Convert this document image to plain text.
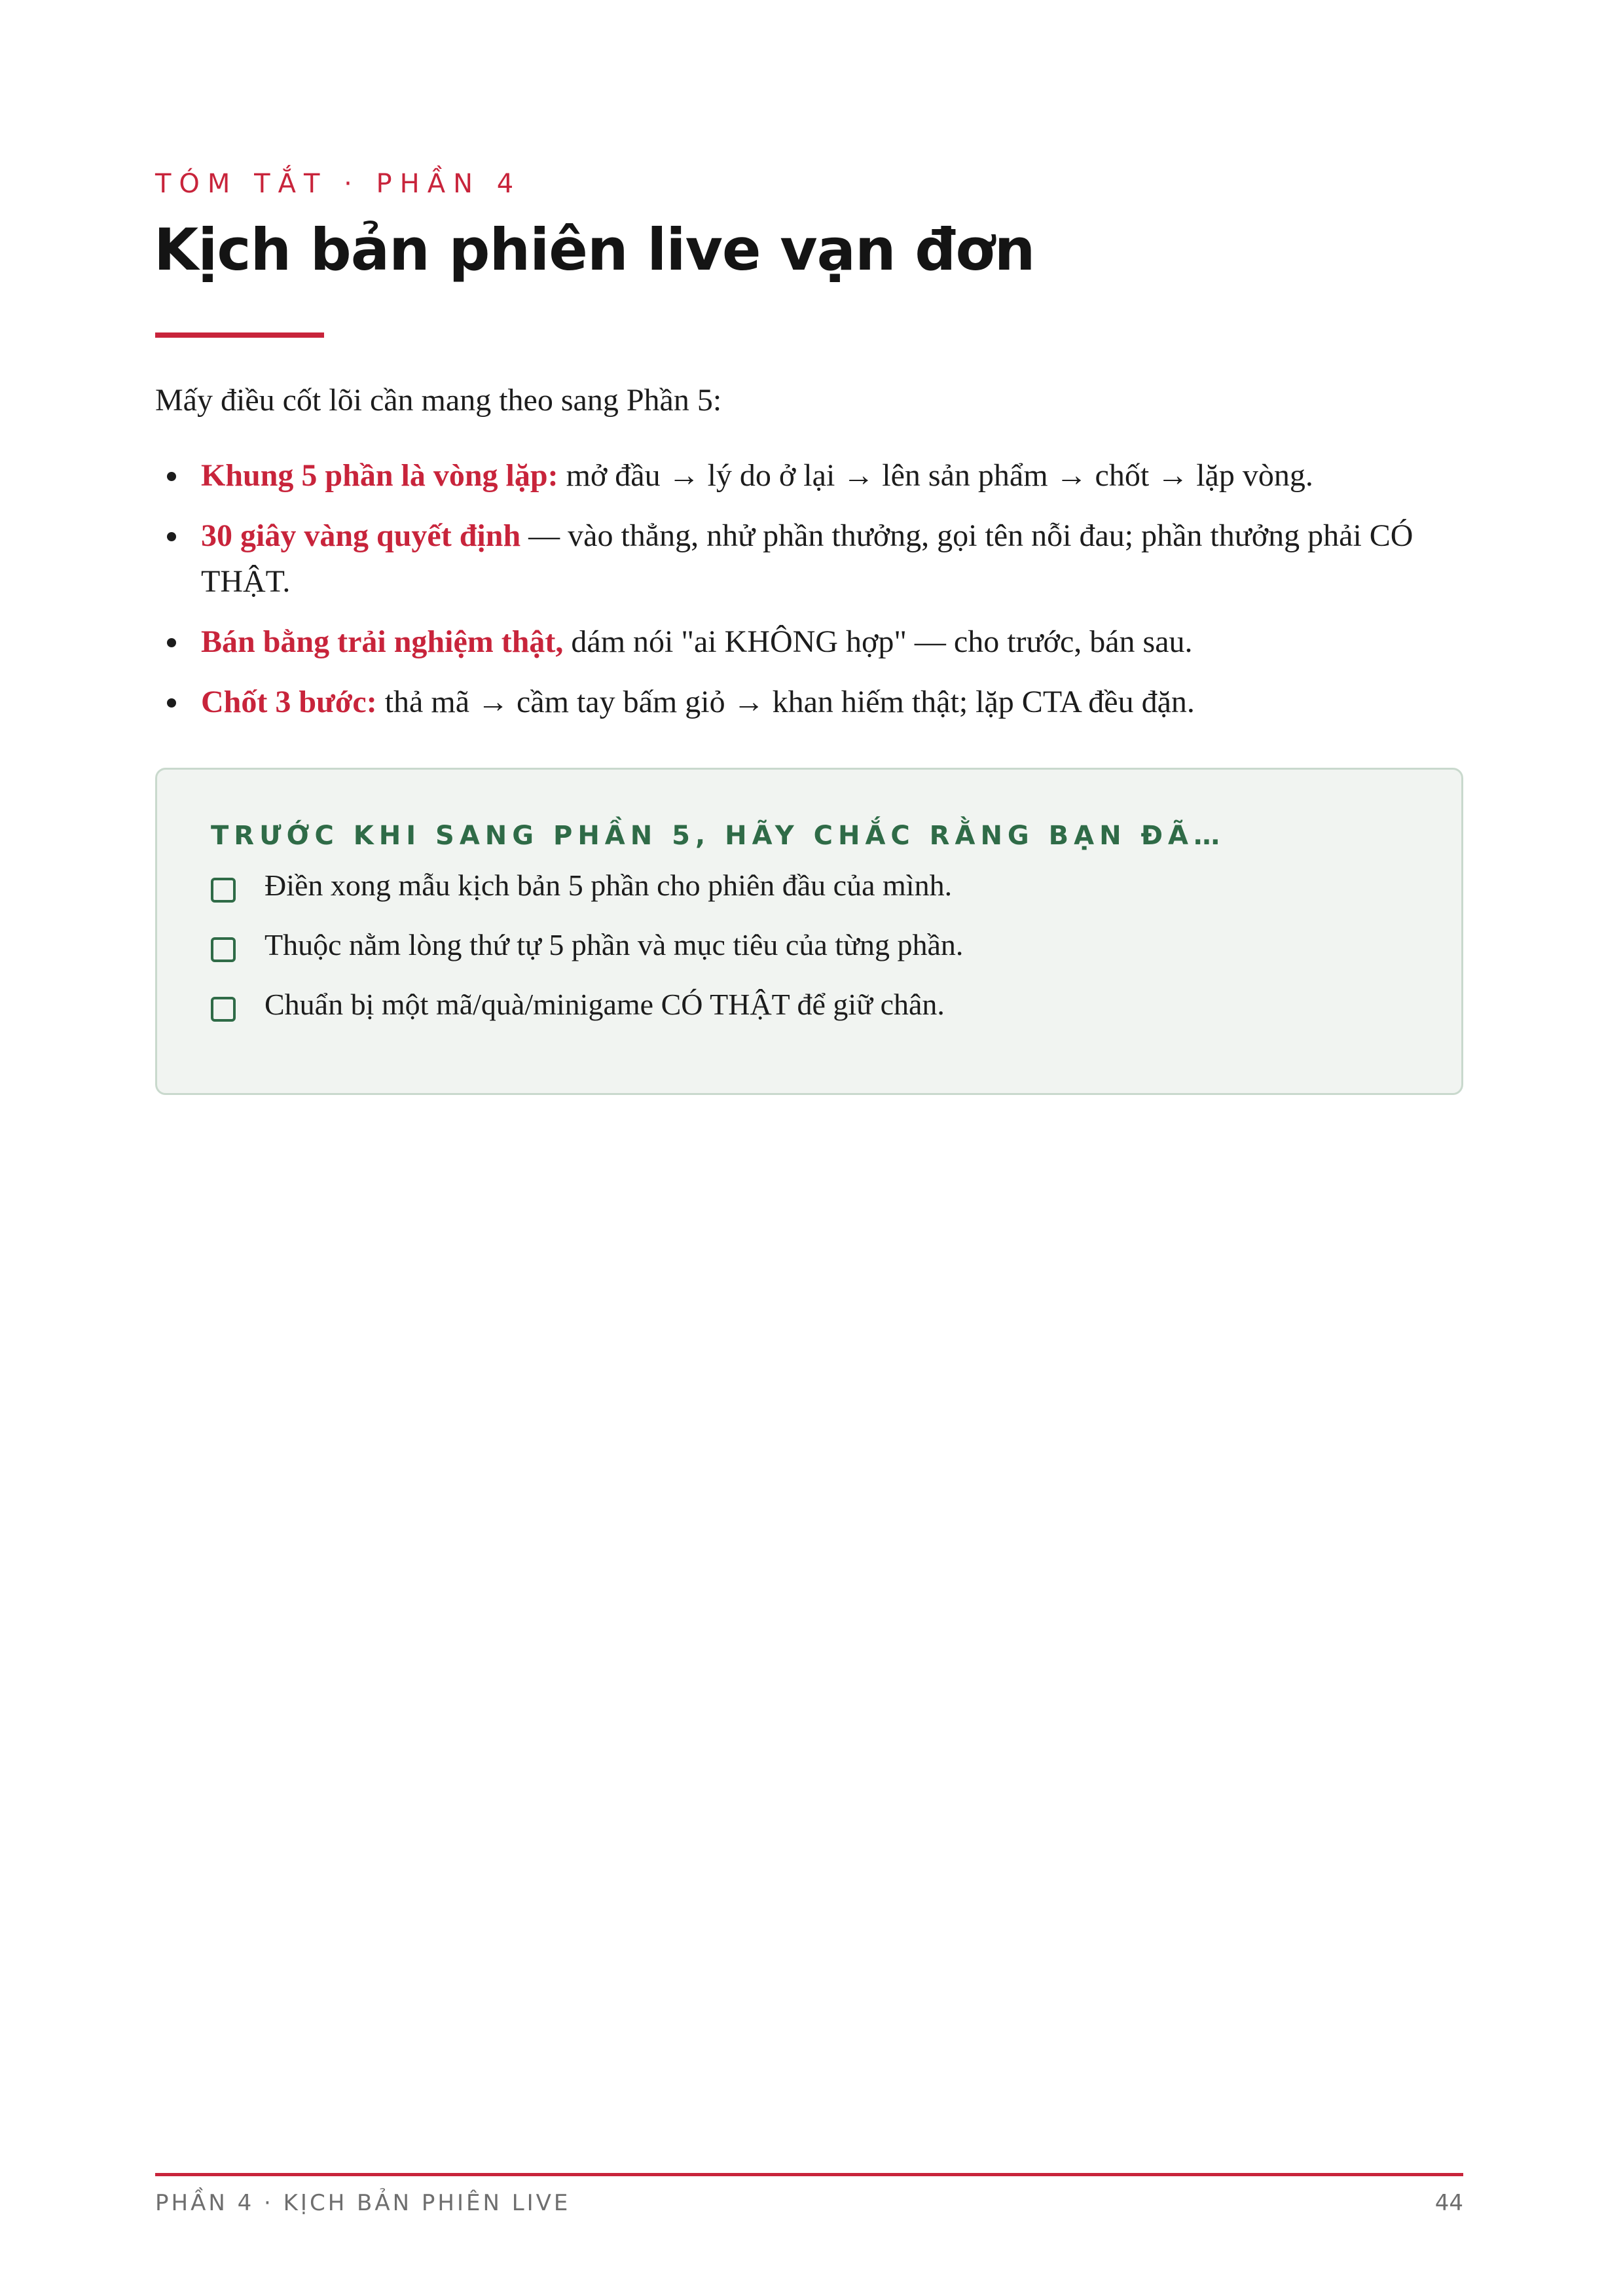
TÓM TẮT · PHẦN 4
Kịch bản phiên live vạn đơn
Mấy điều cốt lõi cần mang theo sang Phần 5:
Khung 5 phần là vòng lặp: mở đầu → lý do ở lại → lên sản phẩm → chốt → lặp vòng.
30 giây vàng quyết định — vào thẳng, nhử phần thưởng, gọi tên nỗi đau; phần thưởng phải CÓ THẬT.
Bán bằng trải nghiệm thật, dám nói "ai KHÔNG hợp" — cho trước, bán sau.
Chốt 3 bước: thả mã → cầm tay bấm giỏ → khan hiếm thật; lặp CTA đều đặn.
TRƯỚC KHI SANG PHẦN 5, HÃY CHẮC RẰNG BẠN ĐÃ…
Điền xong mẫu kịch bản 5 phần cho phiên đầu của mình.
Thuộc nằm lòng thứ tự 5 phần và mục tiêu của từng phần.
Chuẩn bị một mã/quà/minigame CÓ THẬT để giữ chân.
PHẦN 4 · KỊCH BẢN PHIÊN LIVE	44
